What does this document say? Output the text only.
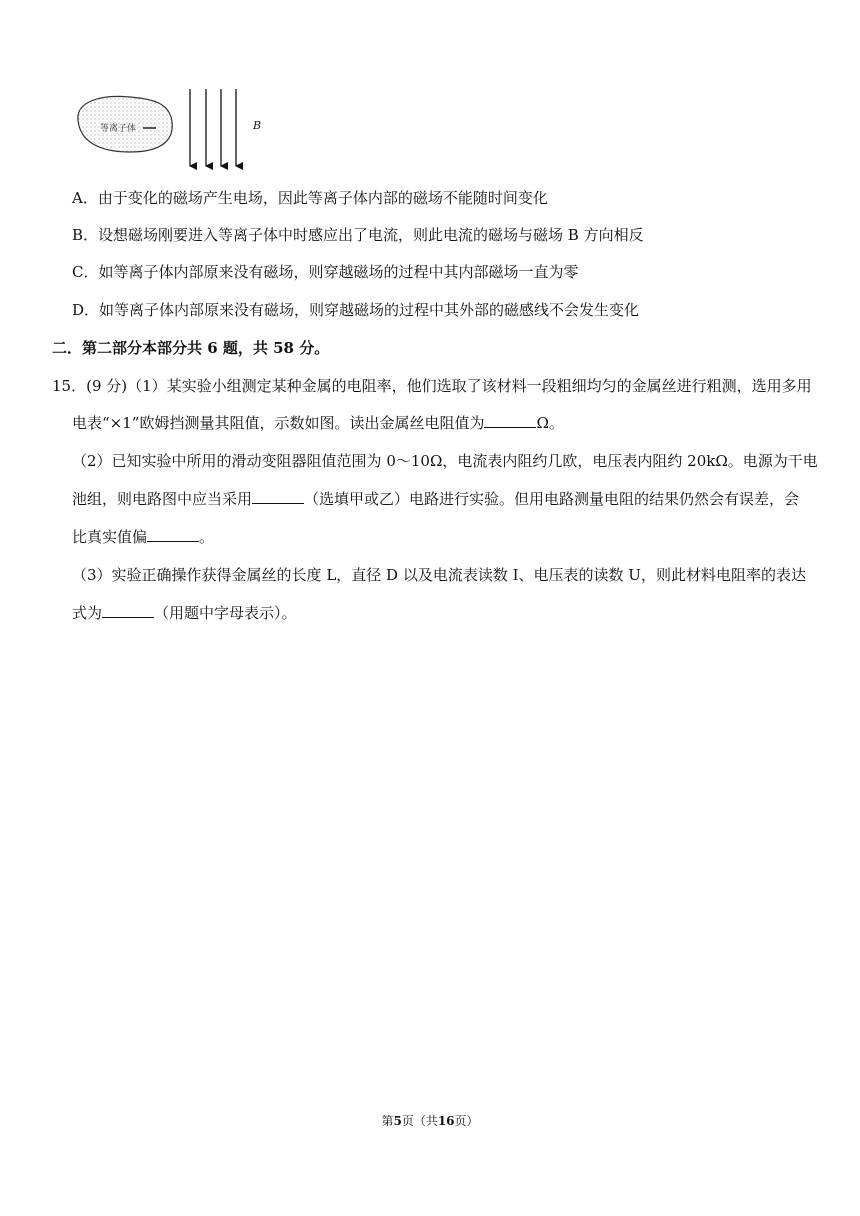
等离子体	B
A．由于变化的磁场产生电场，因此等离子体内部的磁场不能随时间变化
B．设想磁场刚要进入等离子体中时感应出了电流，则此电流的磁场与磁场 B 方向相反
C．如等离子体内部原来没有磁场，则穿越磁场的过程中其内部磁场一直为零
D．如等离子体内部原来没有磁场，则穿越磁场的过程中其外部的磁感线不会发生变化
二．第二部分本部分共 6 题，共 58 分。
15．(9 分)（1）某实验小组测定某种金属的电阻率，他们选取了该材料一段粗细均匀的金属丝进行粗测，选用多用
电表“×1”欧姆挡测量其阻值，示数如图。读出金属丝电阻值为	Ω。
（2）已知实验中所用的滑动变阻器阻值范围为 0～10Ω，电流表内阻约几欧，电压表内阻约 20kΩ。电源为干电
池组，则电路图中应当采用	（选填甲或乙）电路进行实验。但用电路测量电阻的结果仍然会有误差，会
比真实值偏	。
（3）实验正确操作获得金属丝的长度 L，直径 D 以及电流表读数 I、电压表的读数 U，则此材料电阻率的表达
式为	（用题中字母表示）。
第5页（共16页）
